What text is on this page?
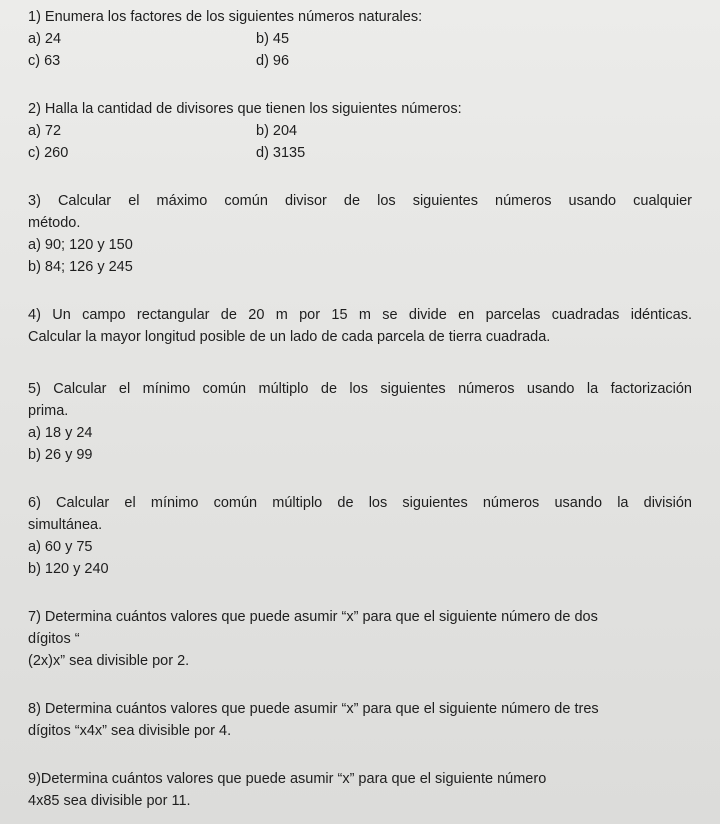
1) Enumera los factores de los siguientes números naturales:
a) 24	b) 45
c) 63	d) 96
2) Halla la cantidad de divisores que tienen los siguientes números:
a) 72	b) 204
c) 260	d) 3135
3) Calcular el máximo común divisor de los siguientes números usando cualquier
método.
a) 90; 120 y 150
b) 84; 126 y 245
4) Un campo rectangular de 20 m por 15 m se divide en parcelas cuadradas idénticas.
Calcular la mayor longitud posible de un lado de cada parcela de tierra cuadrada.
5) Calcular el mínimo común múltiplo de los siguientes números usando la factorización
prima.
a) 18 y 24
b) 26 y 99
6) Calcular el mínimo común múltiplo de los siguientes números usando la división
simultánea.
a) 60 y 75
b) 120 y 240
7) Determina cuántos valores que puede asumir “x” para que el siguiente número de dos
dígitos “
(2x)x” sea divisible por 2.
8) Determina cuántos valores que puede asumir “x” para que el siguiente número de tres
dígitos “x4x” sea divisible por 4.
9)Determina cuántos valores que puede asumir “x” para que el siguiente número
4x85 sea divisible por 11.
